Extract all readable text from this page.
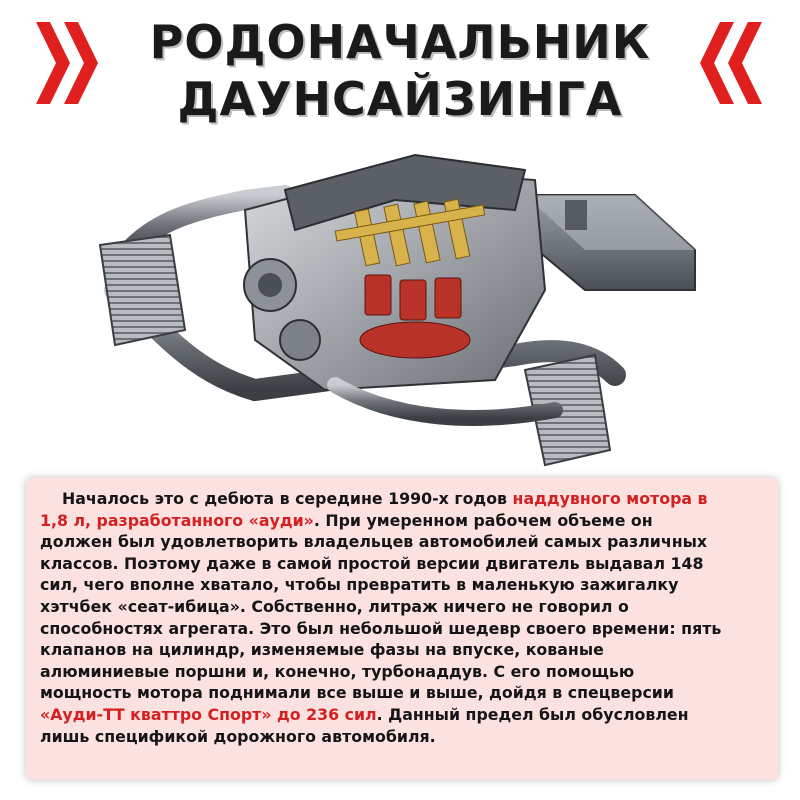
РОДОНАЧАЛЬНИК
ДАУНСАЙЗИНГА
Началось это с дебюта в середине 1990-х годов наддувного мотора в
1,8 л, разработанного «ауди». При умеренном рабочем объеме он
должен был удовлетворить владельцев автомобилей самых различных
классов. Поэтому даже в самой простой версии двигатель выдавал 148
сил, чего вполне хватало, чтобы превратить в маленькую зажигалку
хэтчбек «сеат-ибица». Собственно, литраж ничего не говорил о
способностях агрегата. Это был небольшой шедевр своего времени: пять
клапанов на цилиндр, изменяемые фазы на впуске, кованые
алюминиевые поршни и, конечно, турбонаддув. С его помощью
мощность мотора поднимали все выше и выше, дойдя в спецверсии
«Ауди-ТТ кваттро Спорт» до 236 сил. Данный предел был обусловлен
лишь спецификой дорожного автомобиля.
